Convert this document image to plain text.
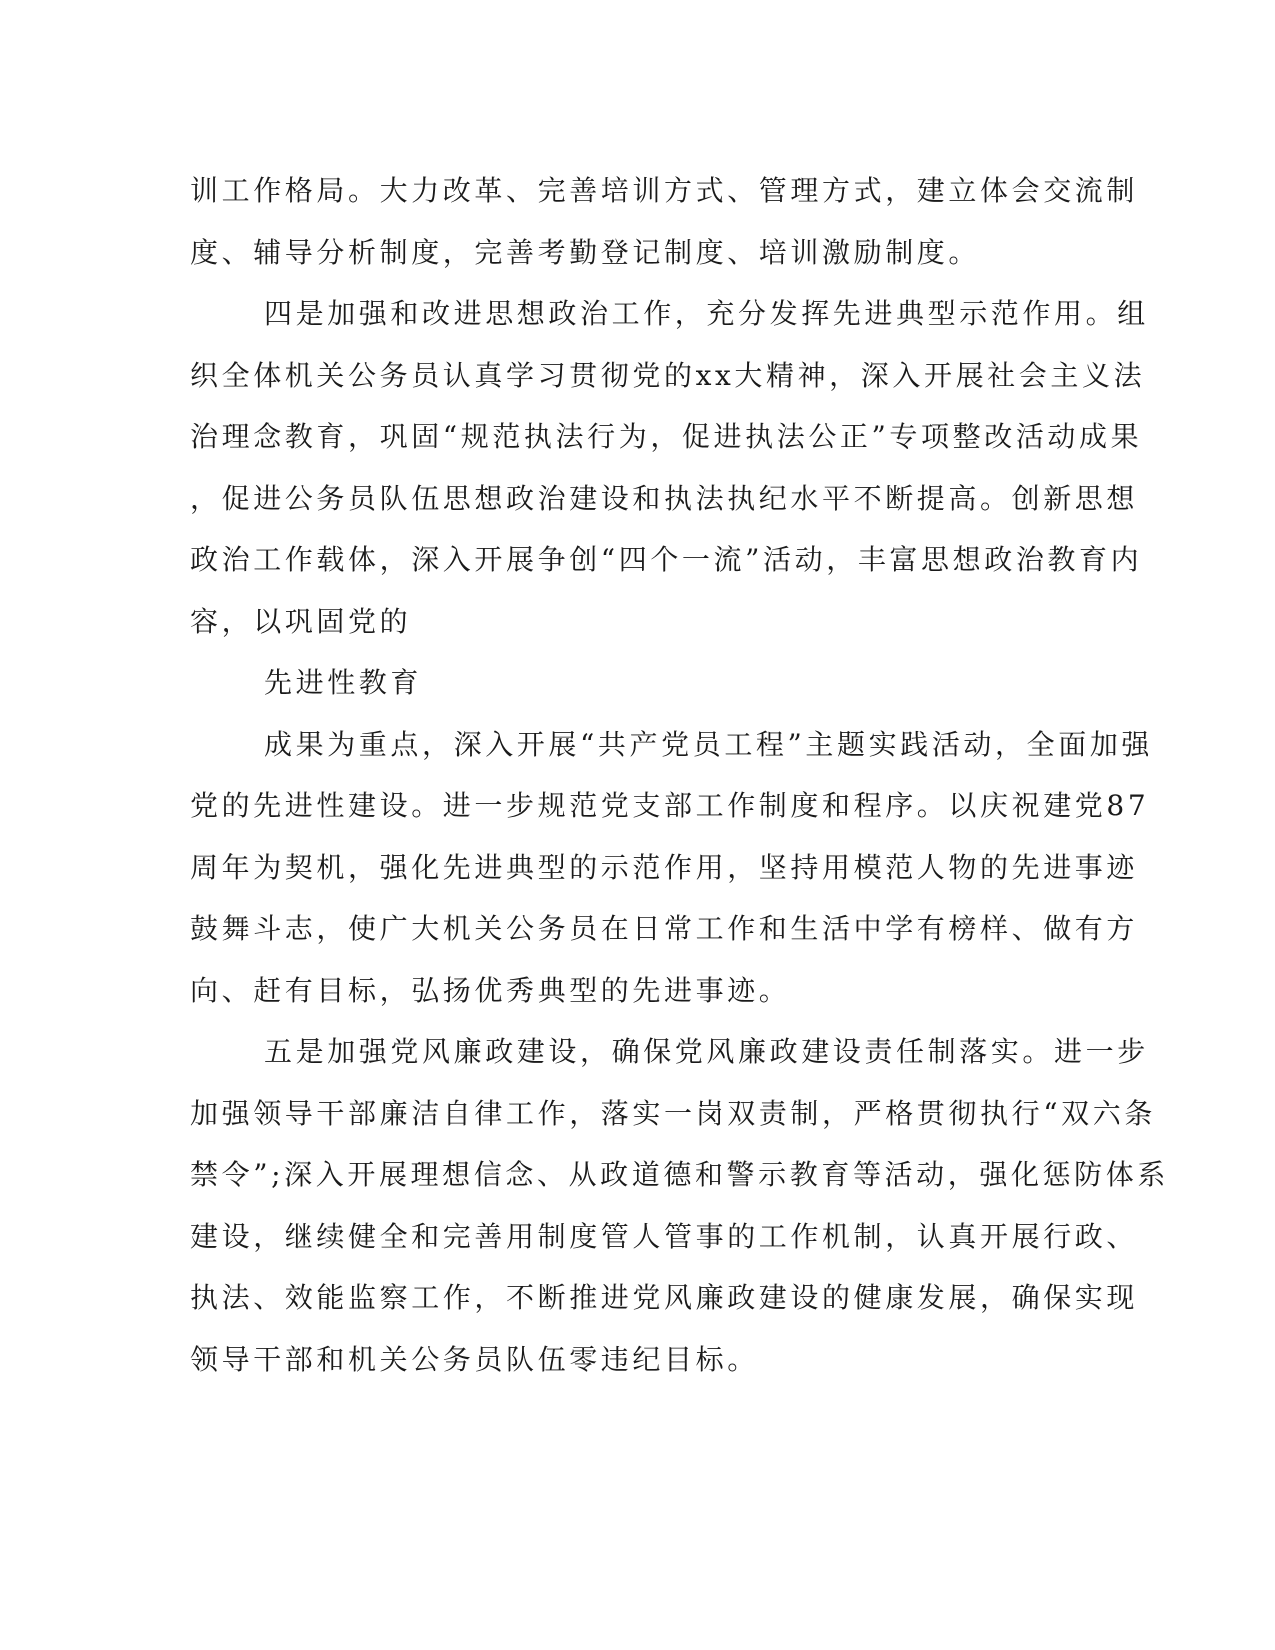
训工作格局。大力改革、完善培训方式、管理方式，建立体会交流制
度、辅导分析制度，完善考勤登记制度、培训激励制度。
四是加强和改进思想政治工作，充分发挥先进典型示范作用。组
织全体机关公务员认真学习贯彻党的xx大精神，深入开展社会主义法
治理念教育，巩固“规范执法行为，促进执法公正”专项整改活动成果
，促进公务员队伍思想政治建设和执法执纪水平不断提高。创新思想
政治工作载体，深入开展争创“四个一流”活动，丰富思想政治教育内
容，以巩固党的
先进性教育
成果为重点，深入开展“共产党员工程”主题实践活动，全面加强
党的先进性建设。进一步规范党支部工作制度和程序。以庆祝建党87
周年为契机，强化先进典型的示范作用，坚持用模范人物的先进事迹
鼓舞斗志，使广大机关公务员在日常工作和生活中学有榜样、做有方
向、赶有目标，弘扬优秀典型的先进事迹。
五是加强党风廉政建设，确保党风廉政建设责任制落实。进一步
加强领导干部廉洁自律工作，落实一岗双责制，严格贯彻执行“双六条
禁令”;深入开展理想信念、从政道德和警示教育等活动，强化惩防体系
建设，继续健全和完善用制度管人管事的工作机制，认真开展行政、
执法、效能监察工作，不断推进党风廉政建设的健康发展，确保实现
领导干部和机关公务员队伍零违纪目标。
